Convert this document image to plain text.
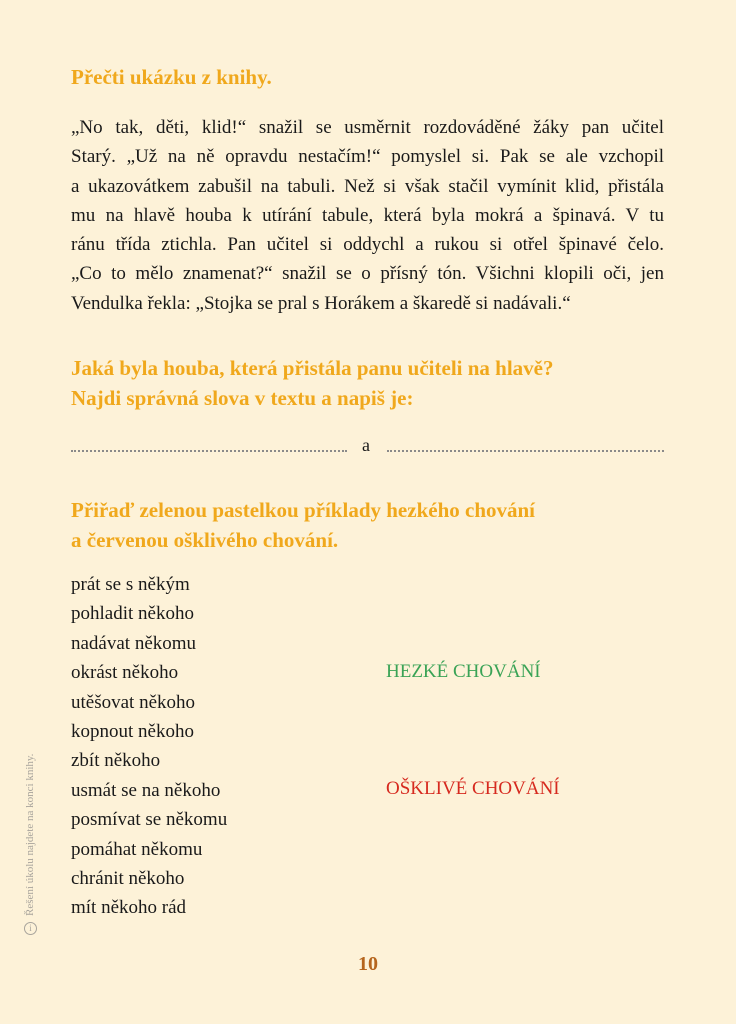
Přečti ukázku z knihy.
„No tak, děti, klid!“ snažil se usměrnit rozdováděné žáky pan učitel
Starý. „Už na ně opravdu nestačím!“ pomyslel si. Pak se ale vzchopil
a ukazovátkem zabušil na tabuli. Než si však stačil vymínit klid, přistála
mu na hlavě houba k utírání tabule, která byla mokrá a špinavá. V tu
ránu třída ztichla. Pan učitel si oddychl a rukou si otřel špinavé čelo.
„Co to mělo znamenat?“ snažil se o přísný tón. Všichni klopili oči, jen
Vendulka řekla: „Stojka se pral s Horákem a škaredě si nadávali.“
Jaká byla houba, která přistála panu učiteli na hlavě?
Najdi správná slova v textu a napiš je:
a
Přiřaď zelenou pastelkou příklady hezkého chování
a červenou ošklivého chování.
prát se s někým
pohladit někoho
nadávat někomu
okrást někoho
utěšovat někoho
kopnout někoho
zbít někoho
usmát se na někoho
posmívat se někomu
pomáhat někomu
chránit někoho
mít někoho rád
HEZKÉ CHOVÁNÍ
OŠKLIVÉ CHOVÁNÍ
iŘešení úkolu najdete na konci knihy.
10
